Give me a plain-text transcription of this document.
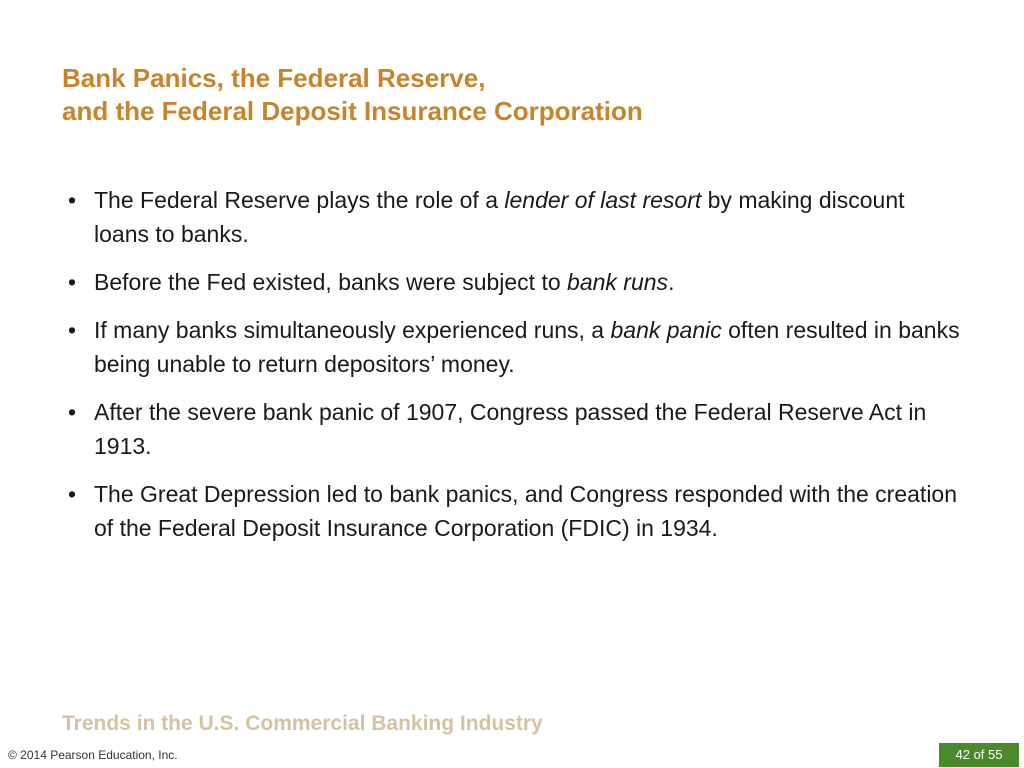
Bank Panics, the Federal Reserve,
and the Federal Deposit Insurance Corporation
• The Federal Reserve plays the role of a lender of last resort by making discount loans to banks.
• Before the Fed existed, banks were subject to bank runs.
• If many banks simultaneously experienced runs, a bank panic often resulted in banks being unable to return depositors’ money.
• After the severe bank panic of 1907, Congress passed the Federal Reserve Act in 1913.
• The Great Depression led to bank panics, and Congress responded with the creation of the Federal Deposit Insurance Corporation (FDIC) in 1934.
Trends in the U.S. Commercial Banking Industry
© 2014 Pearson Education, Inc.	42 of 55
